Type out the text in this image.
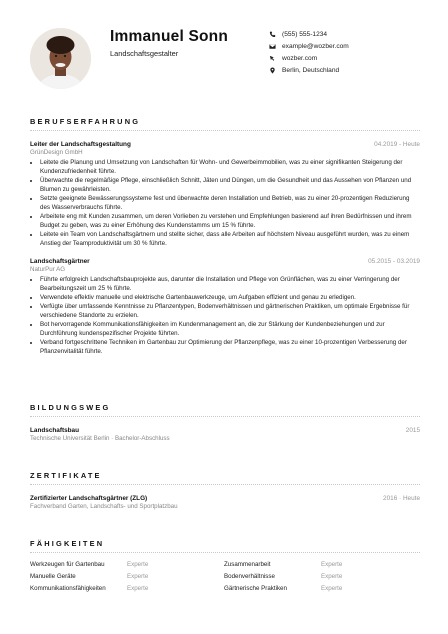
Immanuel Sonn
Landschaftsgestalter
(555) 555-1234
example@wozber.com
wozber.com
Berlin, Deutschland
BERUFSERFAHRUNG
Leiter der Landschaftsgestaltung	04.2019 - Heute
GrünDesign GmbH
• Leitete die Planung und Umsetzung von Landschaften für Wohn- und Gewerbeimmobilien, was zu einer signifikanten Steigerung der Kundenzufriedenheit führte.
• Überwachte die regelmäßige Pflege, einschließlich Schnitt, Jäten und Düngen, um die Gesundheit und das Aussehen von Pflanzen und Blumen zu gewährleisten.
• Setzte geeignete Bewässerungssysteme fest und überwachte deren Installation und Betrieb, was zu einer 20-prozentigen Reduzierung des Wasserverbrauchs führte.
• Arbeitete eng mit Kunden zusammen, um deren Vorlieben zu verstehen und Empfehlungen basierend auf ihren Bedürfnissen und ihrem Budget zu geben, was zu einer Erhöhung des Kundenstamms um 15 % führte.
• Leitete ein Team von Landschaftsgärtnern und stellte sicher, dass alle Arbeiten auf höchstem Niveau ausgeführt wurden, was zu einem Anstieg der Teamproduktivität um 30 % führte.
Landschaftsgärtner	05.2015 - 03.2019
NaturPur AG
• Führte erfolgreich Landschaftsbauprojekte aus, darunter die Installation und Pflege von Grünflächen, was zu einer Verringerung der Bearbeitungszeit um 25 % führte.
• Verwendete effektiv manuelle und elektrische Gartenbauwerkzeuge, um Aufgaben effizient und genau zu erledigen.
• Verfügte über umfassende Kenntnisse zu Pflanzentypen, Bodenverhältnissen und gärtnerischen Praktiken, um optimale Ergebnisse für verschiedene Standorte zu erzielen.
• Bot hervorragende Kommunikationsfähigkeiten im Kundenmanagement an, die zur Stärkung der Kundenbeziehungen und zur Durchführung kundenspezifischer Projekte führten.
• Verband fortgeschrittene Techniken im Gartenbau zur Optimierung der Pflanzenpflege, was zu einer 10-prozentigen Verbesserung der Pflanzenvitalität führte.
BILDUNGSWEG
Landschaftsbau	2015
Technische Universität Berlin · Bachelor-Abschluss
ZERTIFIKATE
Zertifizierter Landschaftsgärtner (ZLG)	2016 · Heute
Fachverband Garten, Landschafts- und Sportplatzbau
FÄHIGKEITEN
Werkzeugen für Gartenbau	Experte	Zusammenarbeit	Experte
Manuelle Geräte	Experte	Bodenverhältnisse	Experte
Kommunikationsfähigkeiten	Experte	Gärtnerische Praktiken	Experte
